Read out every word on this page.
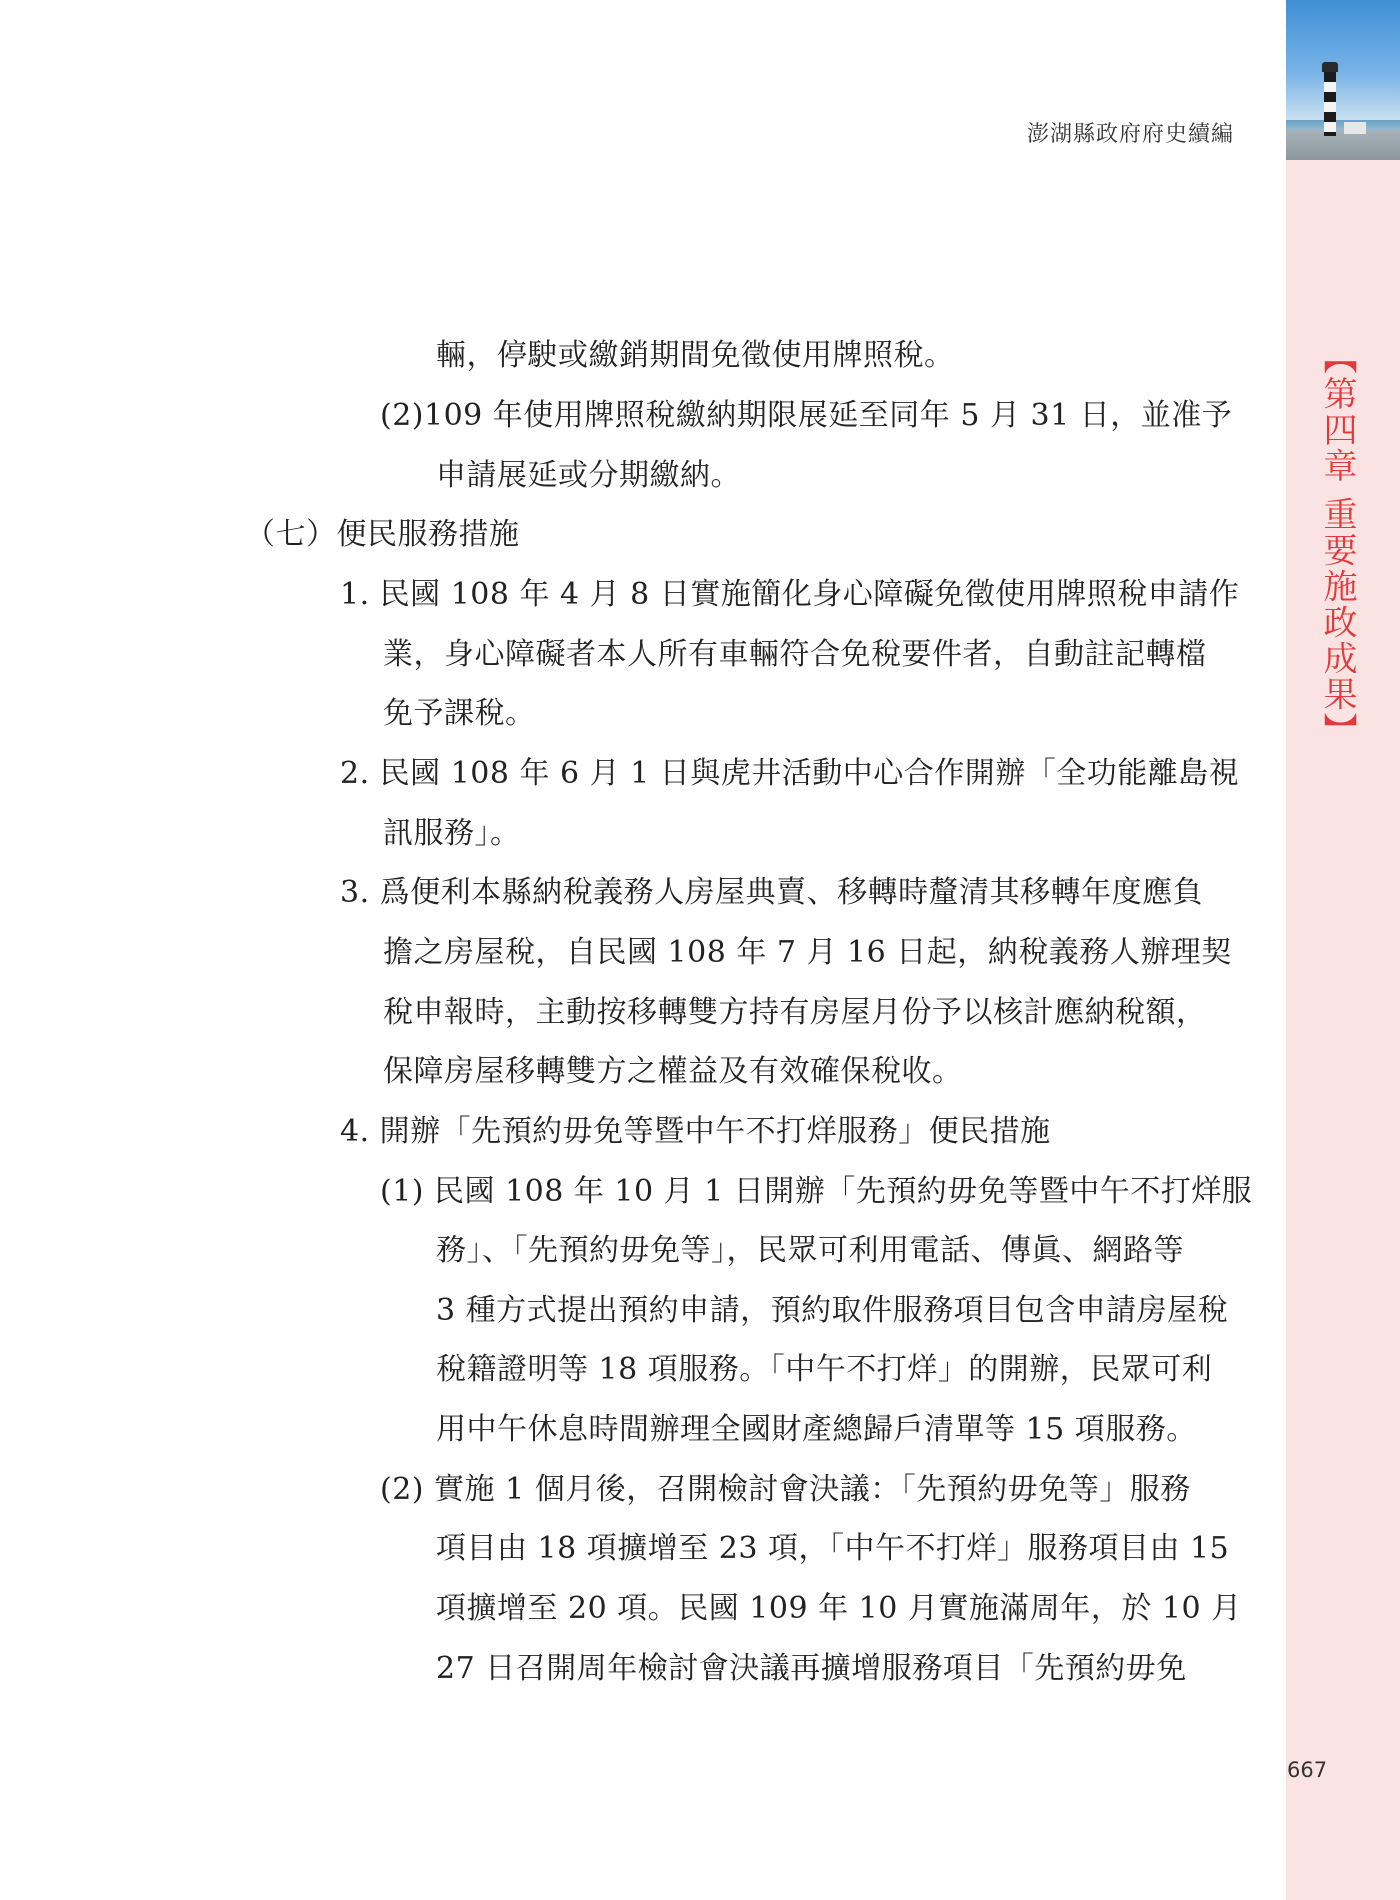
澎湖縣政府府史續編
【第四章 重要施政成果】
輛，停駛或繳銷期間免徵使用牌照稅。
(2)109 年使用牌照稅繳納期限展延至同年 5 月 31 日，並准予
申請展延或分期繳納。
（七）便民服務措施
1. 民國 108 年 4 月 8 日實施簡化身心障礙免徵使用牌照稅申請作
業，身心障礙者本人所有車輛符合免稅要件者，自動註記轉檔
免予課稅。
2. 民國 108 年 6 月 1 日與虎井活動中心合作開辦「全功能離島視
訊服務」。
3. 爲便利本縣納稅義務人房屋典賣、移轉時釐清其移轉年度應負
擔之房屋稅，自民國 108 年 7 月 16 日起，納稅義務人辦理契
稅申報時，主動按移轉雙方持有房屋月份予以核計應納稅額，
保障房屋移轉雙方之權益及有效確保稅收。
4. 開辦「先預約毋免等暨中午不打烊服務」便民措施
(1) 民國 108 年 10 月 1 日開辦「先預約毋免等暨中午不打烊服
務」、「先預約毋免等」，民眾可利用電話、傳眞、網路等
3 種方式提出預約申請，預約取件服務項目包含申請房屋稅
稅籍證明等 18 項服務。「中午不打烊」的開辦，民眾可利
用中午休息時間辦理全國財產總歸戶清單等 15 項服務。
(2) 實施 1 個月後，召開檢討會決議：「先預約毋免等」服務
項目由 18 項擴增至 23 項，「中午不打烊」服務項目由 15
項擴增至 20 項。民國 109 年 10 月實施滿周年，於 10 月
27 日召開周年檢討會決議再擴增服務項目「先預約毋免
667
